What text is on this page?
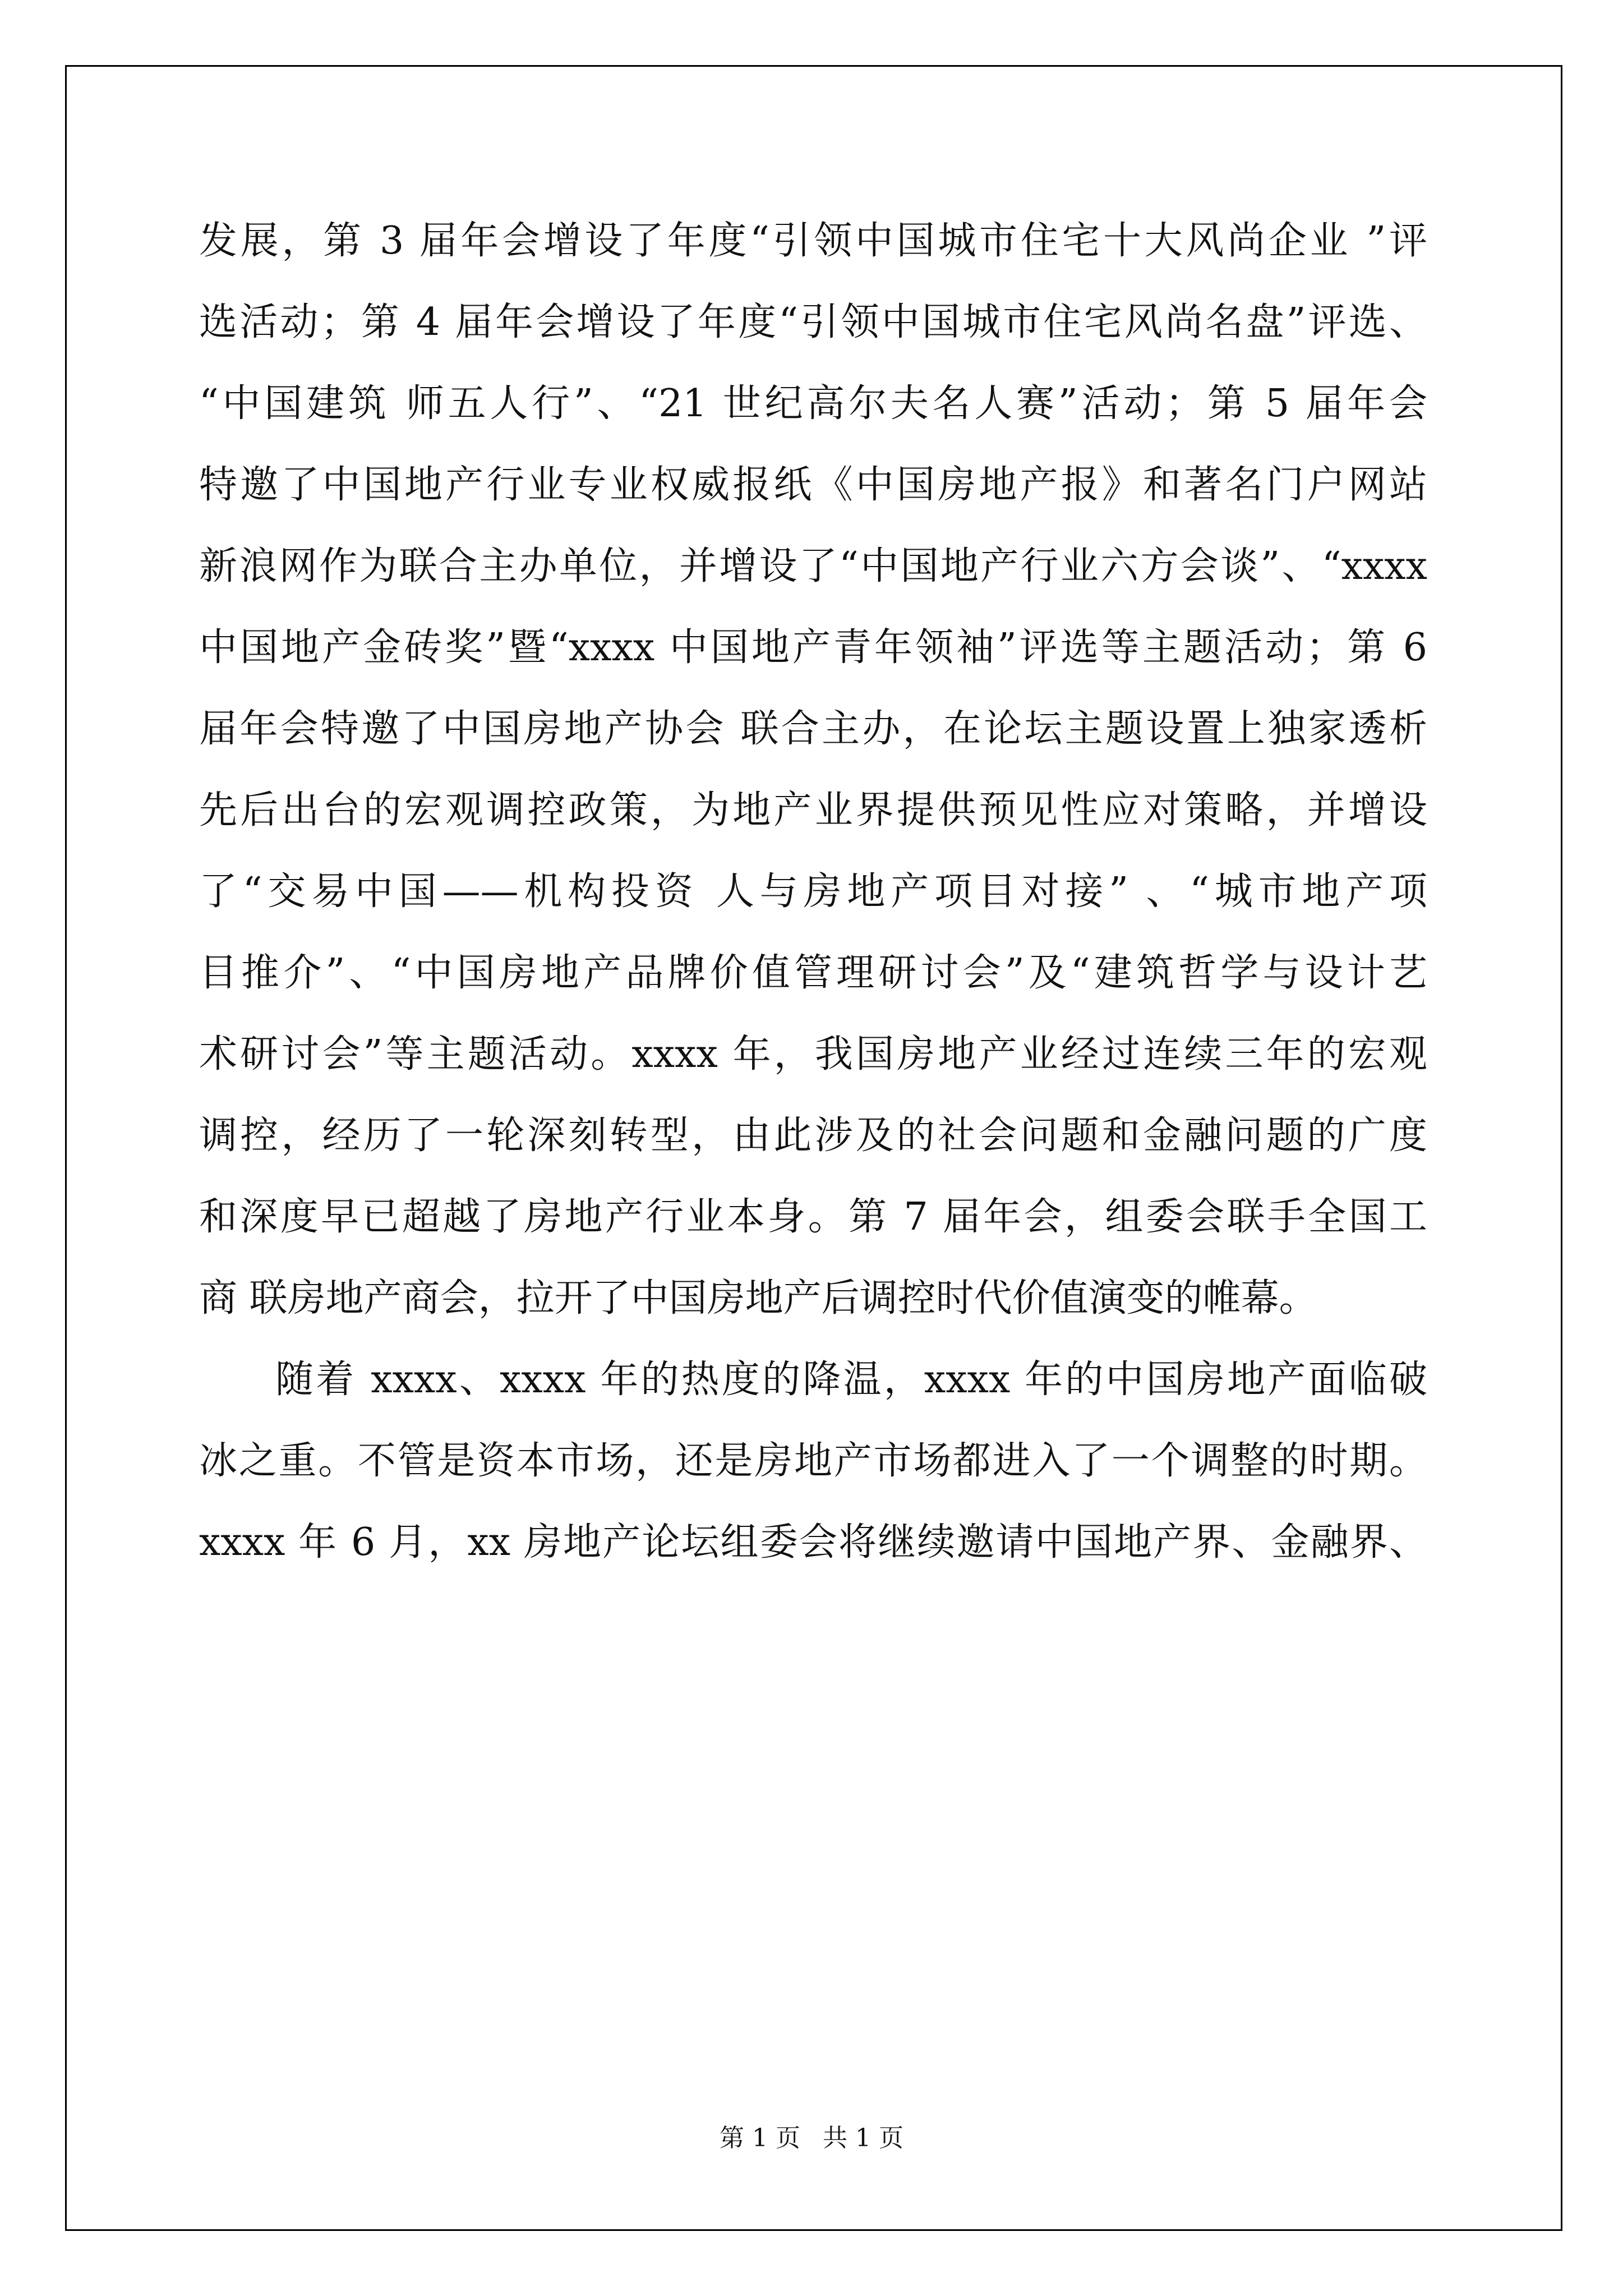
发展，第 3 届年会增设了年度“引领中国城市住宅十大风尚企业 ”评
选活动；第 4 届年会增设了年度“引领中国城市住宅风尚名盘”评选、
“中国建筑 师五人行”、“21 世纪高尔夫名人赛”活动；第 5 届年会
特邀了中国地产行业专业权威报纸《中国房地产报》和著名门户网站
新浪网作为联合主办单位，并增设了“中国地产行业六方会谈”、“xxxx
中国地产金砖奖”暨“xxxx 中国地产青年领袖”评选等主题活动；第 6
届年会特邀了中国房地产协会 联合主办，在论坛主题设置上独家透析
先后出台的宏观调控政策，为地产业界提供预见性应对策略，并增设
了“交易中国——机构投资 人与房地产项目对接” 、“城市地产项
目推介”、“中国房地产品牌价值管理研讨会”及“建筑哲学与设计艺
术研讨会”等主题活动。xxxx 年，我国房地产业经过连续三年的宏观
调控，经历了一轮深刻转型，由此涉及的社会问题和金融问题的广度
和深度早已超越了房地产行业本身。第 7 届年会，组委会联手全国工
商 联房地产商会，拉开了中国房地产后调控时代价值演变的帷幕。
随着 xxxx、xxxx 年的热度的降温，xxxx 年的中国房地产面临破
冰之重。不管是资本市场，还是房地产市场都进入了一个调整的时期。
xxxx 年 6 月，xx 房地产论坛组委会将继续邀请中国地产界、金融界、
第 1 页 共 1 页
